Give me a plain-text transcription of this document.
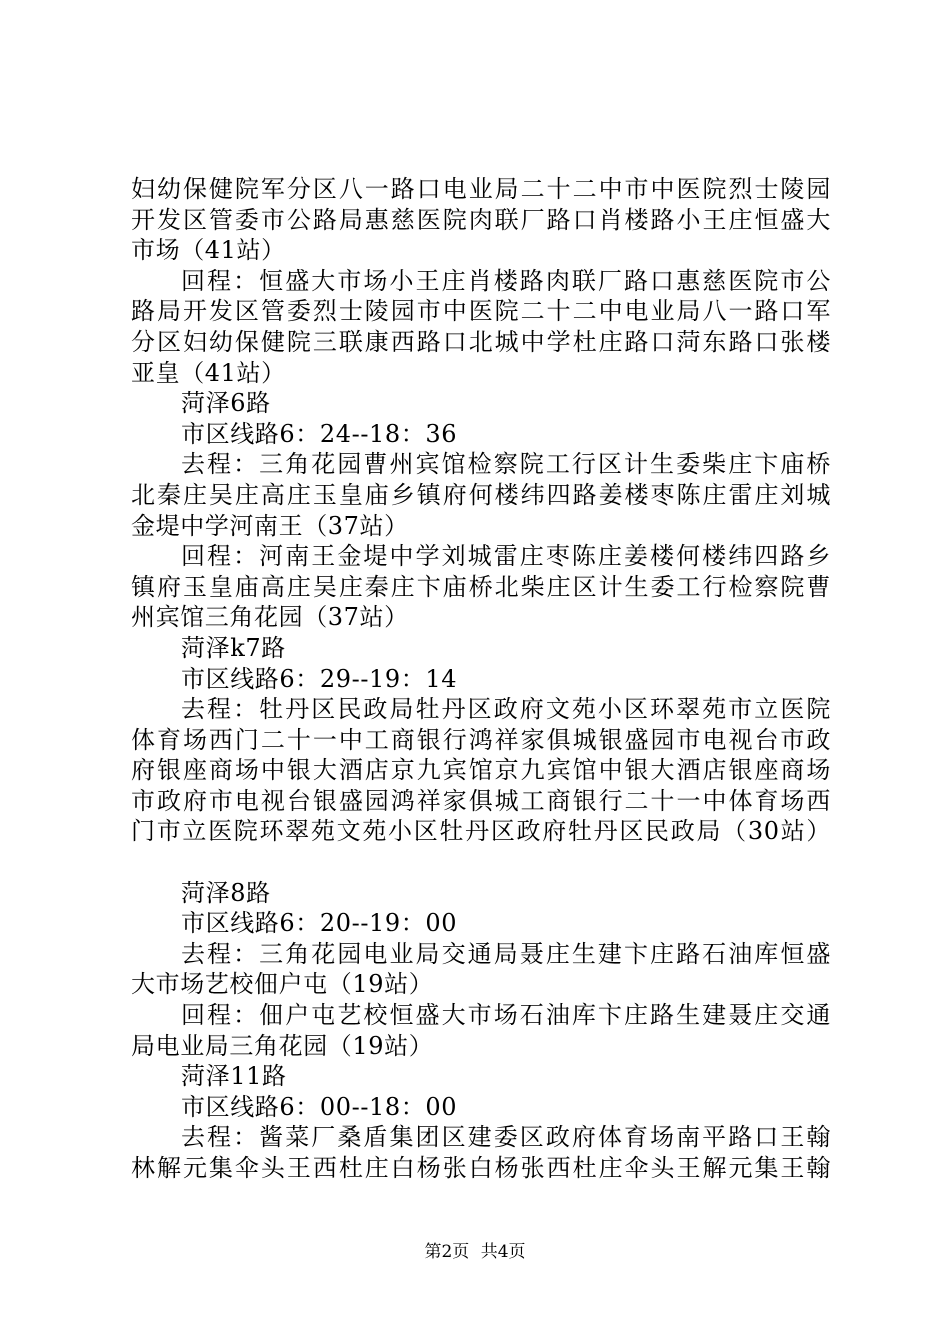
妇幼保健院军分区八一路口电业局二十二中市中医院烈士陵园
开发区管委市公路局惠慈医院肉联厂路口肖楼路小王庄恒盛大
市场（41站）
回程：恒盛大市场小王庄肖楼路肉联厂路口惠慈医院市公
路局开发区管委烈士陵园市中医院二十二中电业局八一路口军
分区妇幼保健院三联康西路口北城中学杜庄路口菏东路口张楼
亚皇（41站）
菏泽6路
市区线路6：24--18：36
去程：三角花园曹州宾馆检察院工行区计生委柴庄卞庙桥
北秦庄吴庄高庄玉皇庙乡镇府何楼纬四路姜楼枣陈庄雷庄刘城
金堤中学河南王（37站）
回程：河南王金堤中学刘城雷庄枣陈庄姜楼何楼纬四路乡
镇府玉皇庙高庄吴庄秦庄卞庙桥北柴庄区计生委工行检察院曹
州宾馆三角花园（37站）
菏泽k7路
市区线路6：29--19：14
去程：牡丹区民政局牡丹区政府文苑小区环翠苑市立医院
体育场西门二十一中工商银行鸿祥家俱城银盛园市电视台市政
府银座商场中银大酒店京九宾馆京九宾馆中银大酒店银座商场
市政府市电视台银盛园鸿祥家俱城工商银行二十一中体育场西
门市立医院环翠苑文苑小区牡丹区政府牡丹区民政局（30站）
菏泽8路
市区线路6：20--19：00
去程：三角花园电业局交通局聂庄生建卞庄路石油库恒盛
大市场艺校佃户屯（19站）
回程：佃户屯艺校恒盛大市场石油库卞庄路生建聂庄交通
局电业局三角花园（19站）
菏泽11路
市区线路6：00--18：00
去程：酱菜厂桑盾集团区建委区政府体育场南平路口王翰
林解元集伞头王西杜庄白杨张白杨张西杜庄伞头王解元集王翰
第2页 共4页
